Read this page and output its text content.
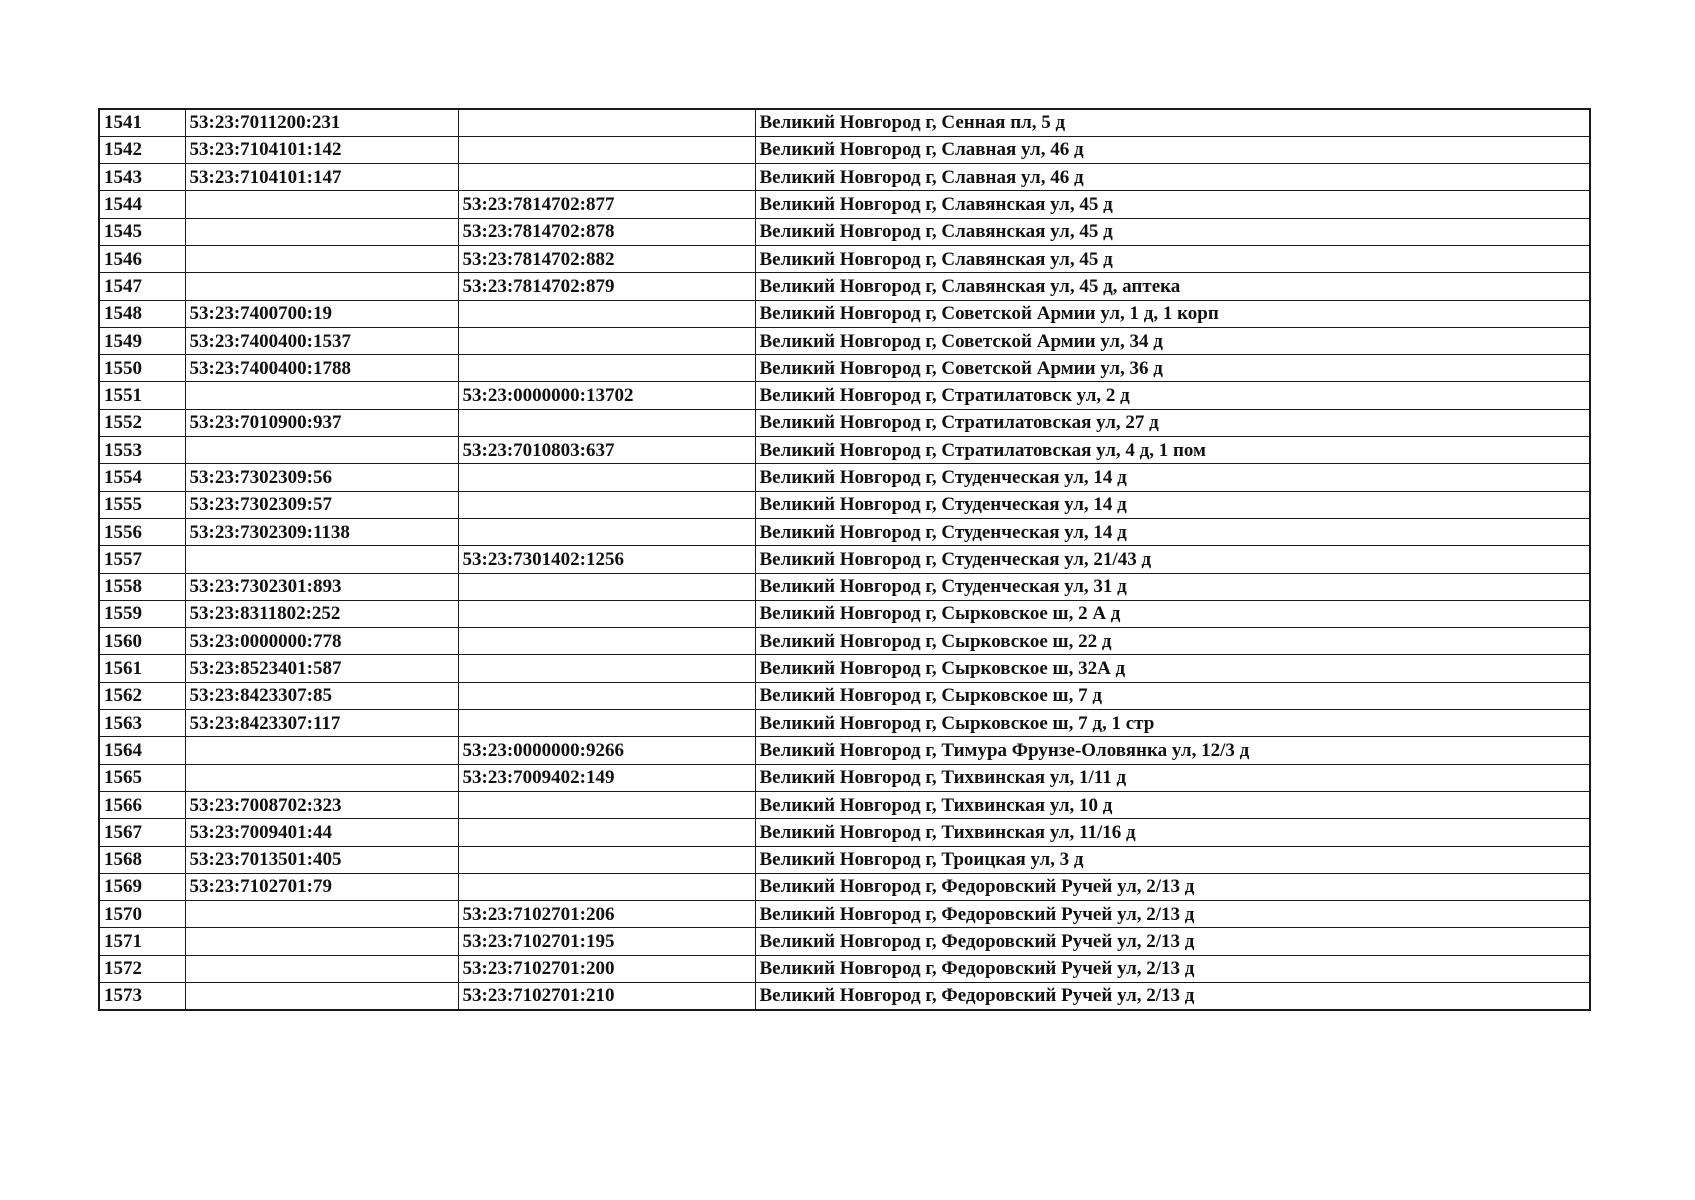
1541	53:23:7011200:231		Великий Новгород г, Сенная пл, 5 д
1542	53:23:7104101:142		Великий Новгород г, Славная ул, 46 д
1543	53:23:7104101:147		Великий Новгород г, Славная ул, 46 д
1544		53:23:7814702:877	Великий Новгород г, Славянская ул, 45 д
1545		53:23:7814702:878	Великий Новгород г, Славянская ул, 45 д
1546		53:23:7814702:882	Великий Новгород г, Славянская ул, 45 д
1547		53:23:7814702:879	Великий Новгород г, Славянская ул, 45 д, аптека
1548	53:23:7400700:19		Великий Новгород г, Советской Армии ул, 1 д, 1 корп
1549	53:23:7400400:1537		Великий Новгород г, Советской Армии ул, 34 д
1550	53:23:7400400:1788		Великий Новгород г, Советской Армии ул, 36 д
1551		53:23:0000000:13702	Великий Новгород г, Стратилатовск ул, 2 д
1552	53:23:7010900:937		Великий Новгород г, Стратилатовская ул, 27 д
1553		53:23:7010803:637	Великий Новгород г, Стратилатовская ул, 4 д, 1 пом
1554	53:23:7302309:56		Великий Новгород г, Студенческая ул, 14 д
1555	53:23:7302309:57		Великий Новгород г, Студенческая ул, 14 д
1556	53:23:7302309:1138		Великий Новгород г, Студенческая ул, 14 д
1557		53:23:7301402:1256	Великий Новгород г, Студенческая ул, 21/43 д
1558	53:23:7302301:893		Великий Новгород г, Студенческая ул, 31 д
1559	53:23:8311802:252		Великий Новгород г, Сырковское ш, 2 А д
1560	53:23:0000000:778		Великий Новгород г, Сырковское ш, 22 д
1561	53:23:8523401:587		Великий Новгород г, Сырковское ш, 32А д
1562	53:23:8423307:85		Великий Новгород г, Сырковское ш, 7 д
1563	53:23:8423307:117		Великий Новгород г, Сырковское ш, 7 д, 1 стр
1564		53:23:0000000:9266	Великий Новгород г, Тимура Фрунзе-Оловянка ул, 12/3 д
1565		53:23:7009402:149	Великий Новгород г, Тихвинская ул, 1/11 д
1566	53:23:7008702:323		Великий Новгород г, Тихвинская ул, 10 д
1567	53:23:7009401:44		Великий Новгород г, Тихвинская ул, 11/16 д
1568	53:23:7013501:405		Великий Новгород г, Троицкая ул, 3 д
1569	53:23:7102701:79		Великий Новгород г, Федоровский Ручей ул, 2/13 д
1570		53:23:7102701:206	Великий Новгород г, Федоровский Ручей ул, 2/13 д
1571		53:23:7102701:195	Великий Новгород г, Федоровский Ручей ул, 2/13 д
1572		53:23:7102701:200	Великий Новгород г, Федоровский Ручей ул, 2/13 д
1573		53:23:7102701:210	Великий Новгород г, Федоровский Ручей ул, 2/13 д
